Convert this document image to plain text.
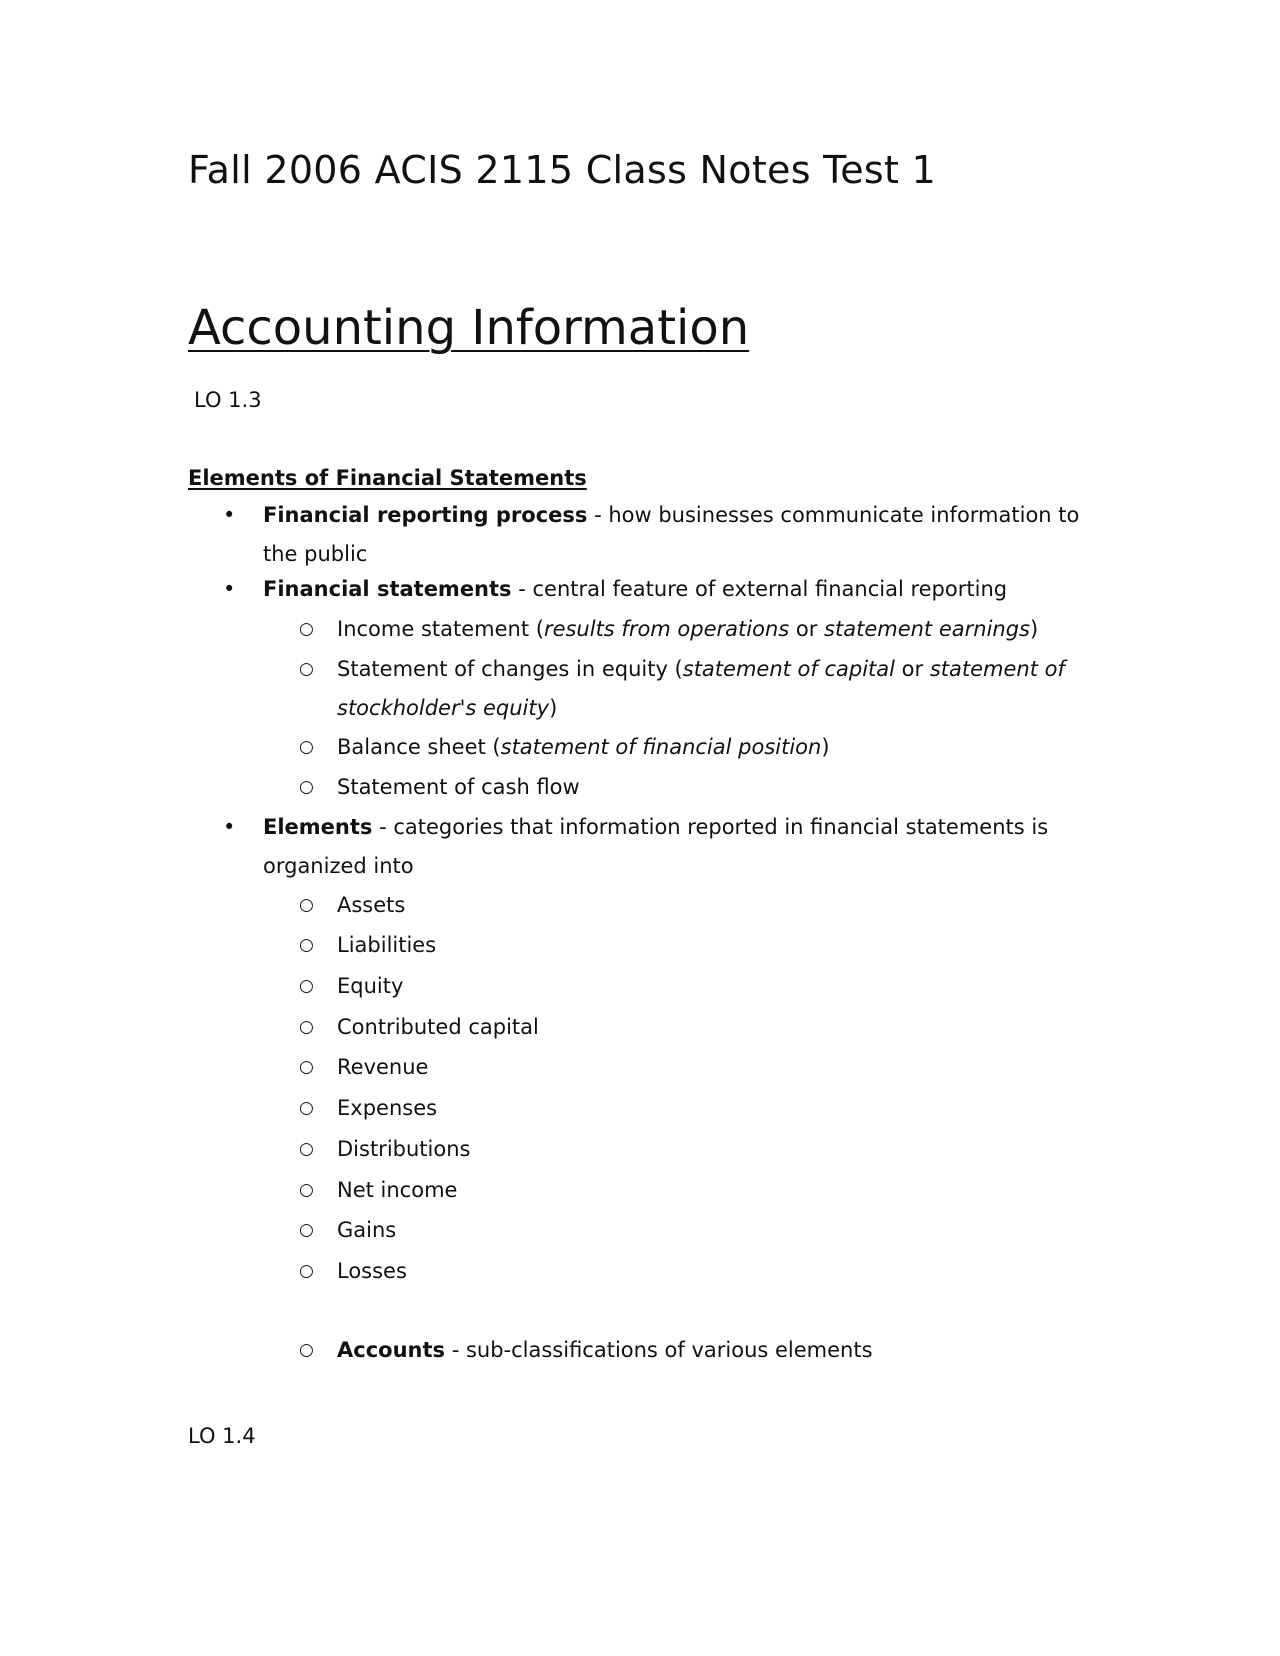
Fall 2006 ACIS 2115 Class Notes Test 1
Accounting Information

LO 1.3

Elements of Financial Statements

• Financial reporting process - how businesses communicate information to the public
• Financial statements - central feature of external financial reporting
○ Income statement (results from operations or statement earnings)
○ Statement of changes in equity (statement of capital or statement of stockholder's equity)
○ Balance sheet (statement of financial position)
○ Statement of cash flow
• Elements - categories that information reported in financial statements is organized into
○ Assets
○ Liabilities
○ Equity
○ Contributed capital
○ Revenue
○ Expenses
○ Distributions
○ Net income
○ Gains
○ Losses
○ Accounts - sub-classifications of various elements

LO 1.4
